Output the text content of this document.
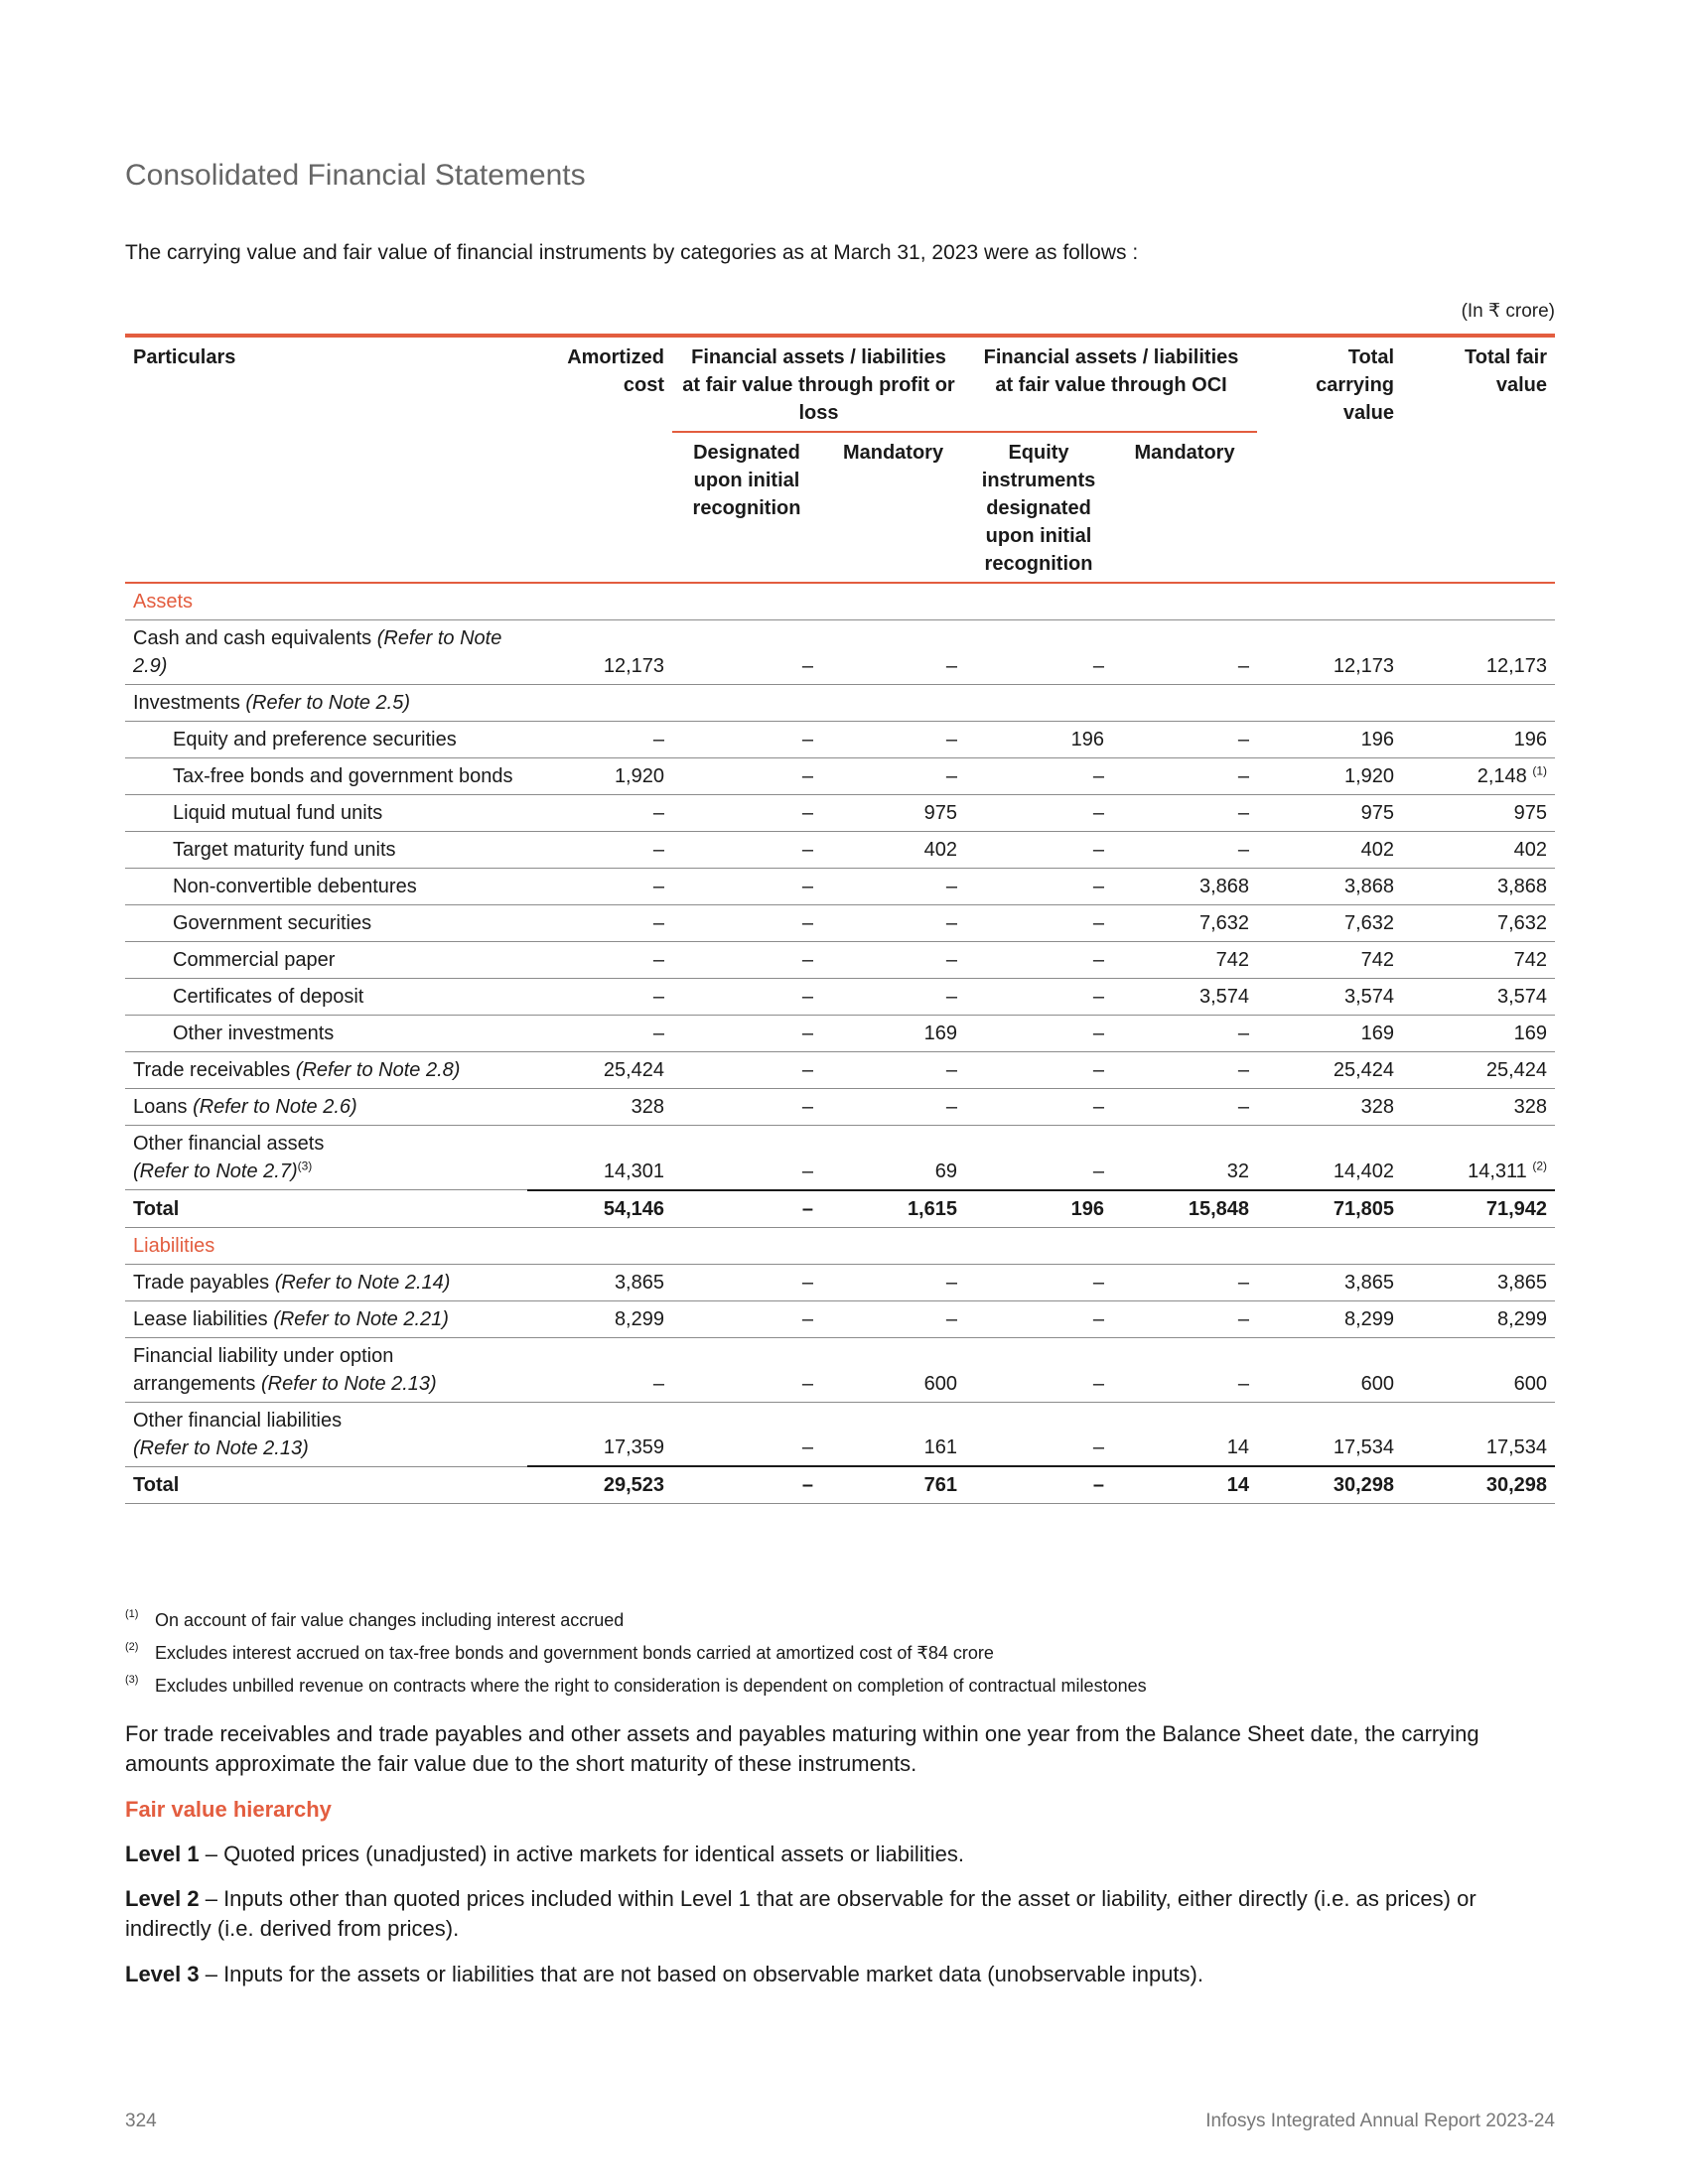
Consolidated Financial Statements
The carrying value and fair value of financial instruments by categories as at March 31, 2023 were as follows :
(In ₹ crore)
Particulars	Amortized cost	Financial assets / liabilities at fair value through profit or loss		Financial assets / liabilities at fair value through OCI		Total carrying value	Total fair value
		Designated upon initial recognition	Mandatory	Equity instruments designated upon initial recognition	Mandatory		
Assets							
Cash and cash equivalents (Refer to Note 2.9)	12,173	–	–	–	–	12,173	12,173
Investments (Refer to Note 2.5)							
Equity and preference securities	–	–	–	196	–	196	196
Tax-free bonds and government bonds	1,920	–	–	–	–	1,920	2,148 $^{(1)}$
Liquid mutual fund units	–	–	975	–	–	975	975
Target maturity fund units	–	–	402	–	–	402	402
Non-convertible debentures	–	–	–	–	3,868	3,868	3,868
Government securities	–	–	–	–	7,632	7,632	7,632
Commercial paper	–	–	–	–	742	742	742
Certificates of deposit	–	–	–	–	3,574	3,574	3,574
Other investments	–	–	169	–	–	169	169
Trade receivables (Refer to Note 2.8)	25,424	–	–	–	–	25,424	25,424
Loans (Refer to Note 2.6)	328	–	–	–	–	328	328
Other financial assets
(Refer to Note 2.7)$^{(3)}$	14,301	–	69	–	32	14,402	14,311 $^{(2)}$
Total	54,146	–	1,615	196	15,848	71,805	71,942
Liabilities							
Trade payables (Refer to Note 2.14)	3,865	–	–	–	–	3,865	3,865
Lease liabilities (Refer to Note 2.21)	8,299	–	–	–	–	8,299	8,299
Financial liability under option arrangements (Refer to Note 2.13)	–	–	600	–	–	600	600
Other financial liabilities
(Refer to Note 2.13)	17,359	–	161	–	14	17,534	17,534
Total	29,523	–	761	–	14	30,298	30,298
(1) On account of fair value changes including interest accrued
(2) Excludes interest accrued on tax-free bonds and government bonds carried at amortized cost of ₹84 crore
(3) Excludes unbilled revenue on contracts where the right to consideration is dependent on completion of contractual milestones
For trade receivables and trade payables and other assets and payables maturing within one year from the Balance Sheet date, the carrying amounts approximate the fair value due to the short maturity of these instruments.
Fair value hierarchy
Level 1 – Quoted prices (unadjusted) in active markets for identical assets or liabilities.
Level 2 – Inputs other than quoted prices included within Level 1 that are observable for the asset or liability, either directly (i.e. as prices) or indirectly (i.e. derived from prices).
Level 3 – Inputs for the assets or liabilities that are not based on observable market data (unobservable inputs).
324	Infosys Integrated Annual Report 2023-24
